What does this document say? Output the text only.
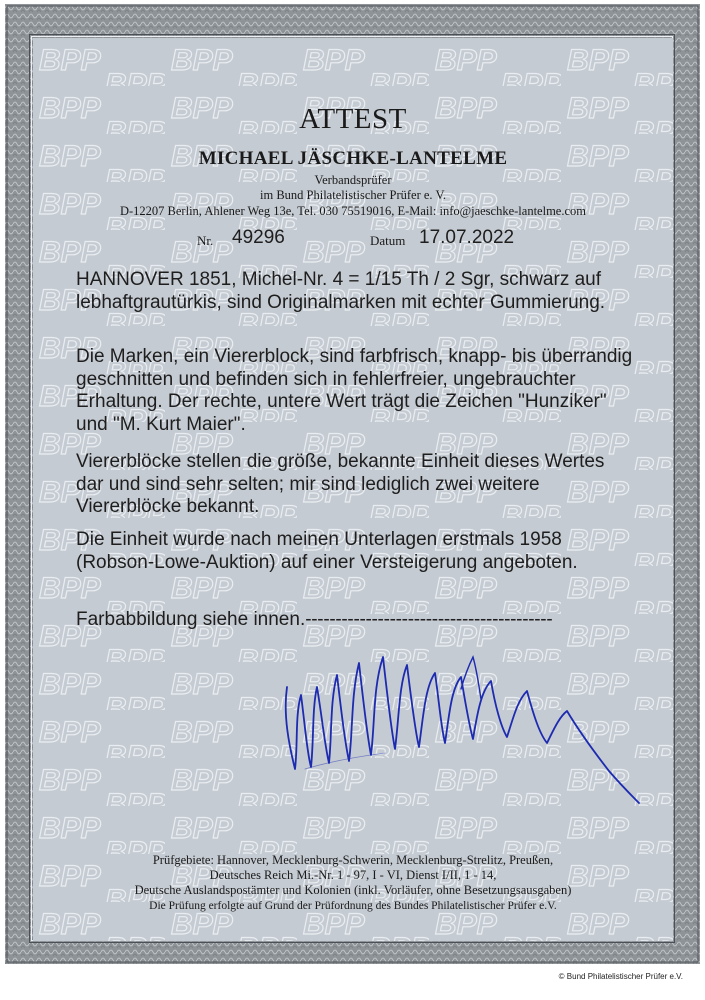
ATTEST
MICHAEL JÄSCHKE-LANTELME
Verbandsprüfer
im Bund Philatelistischer Prüfer e. V.
D-12207 Berlin, Ahlener Weg 13e, Tel. 030 75519016, E-Mail: info@jaeschke-lantelme.com
Nr. 49296	Datum 17.07.2022
HANNOVER 1851, Michel-Nr. 4 = 1/15 Th / 2 Sgr, schwarz auf lebhaftgrautürkis, sind Originalmarken mit echter Gummierung.
Die Marken, ein Viererblock, sind farbfrisch, knapp- bis überrandig geschnitten und befinden sich in fehlerfreier, ungebrauchter Erhaltung. Der rechte, untere Wert trägt die Zeichen "Hunziker" und "M. Kurt Maier".
Viererblöcke stellen die größe, bekannte Einheit dieses Wertes dar und sind sehr selten; mir sind lediglich zwei weitere Viererblöcke bekannt.
Die Einheit wurde nach meinen Unterlagen erstmals 1958 (Robson-Lowe-Auktion) auf einer Versteigerung angeboten.
Farbabbildung siehe innen.-----------------------------------------
Prüfgebiete: Hannover, Mecklenburg-Schwerin, Mecklenburg-Strelitz, Preußen,
Deutsches Reich Mi.-Nr. 1 - 97, I - VI, Dienst I/II, 1 - 14,
Deutsche Auslandspostämter und Kolonien (inkl. Vorläufer, ohne Besetzungsausgaben)
Die Prüfung erfolgte auf Grund der Prüfordnung des Bundes Philatelistischer Prüfer e.V.
© Bund Philatelistischer Prüfer e.V.
